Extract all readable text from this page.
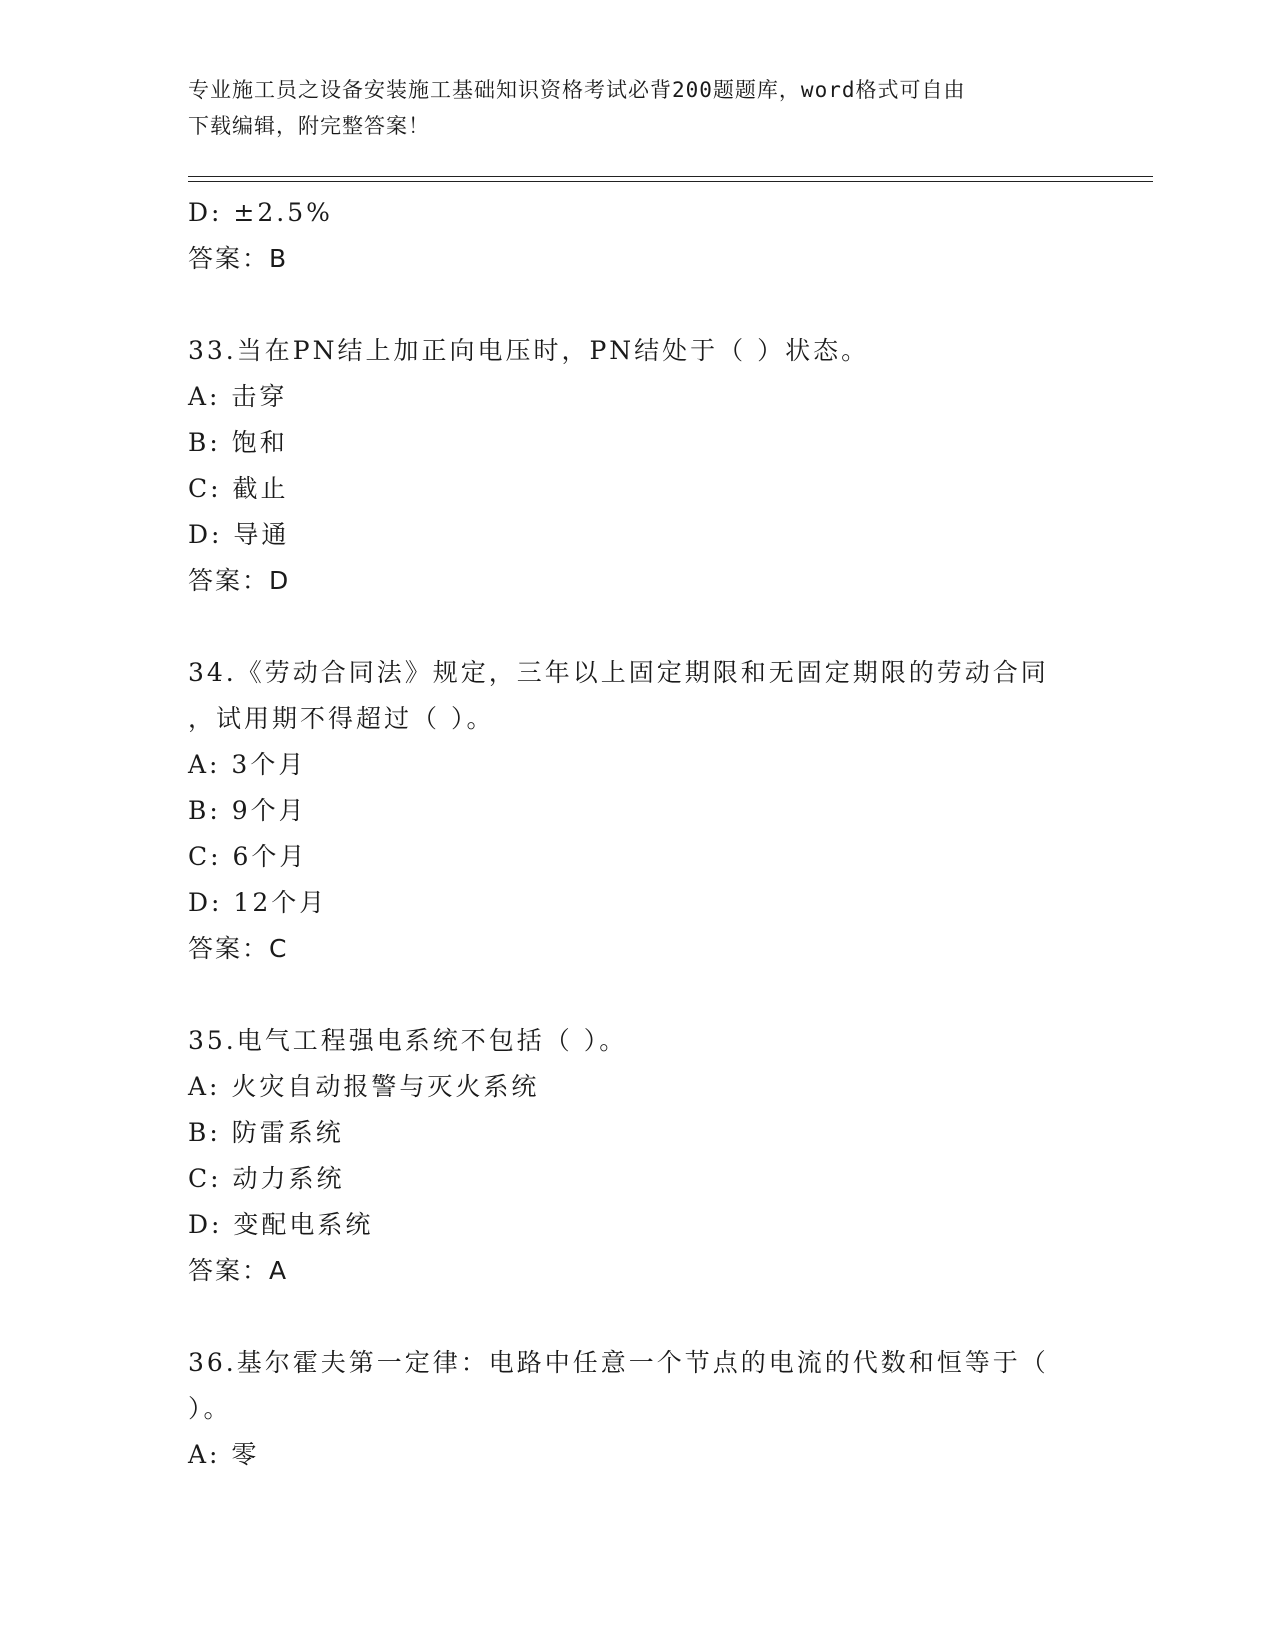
专业施工员之设备安装施工基础知识资格考试必背200题题库，word格式可自由
下载编辑，附完整答案！
D: ±2.5%
答案：B
33.当在PN结上加正向电压时，PN结处于（ ）状态。
A: 击穿
B: 饱和
C: 截止
D: 导通
答案：D
34.《劳动合同法》规定，三年以上固定期限和无固定期限的劳动合同
，试用期不得超过（ ）。
A: 3个月
B: 9个月
C: 6个月
D: 12个月
答案：C
35.电气工程强电系统不包括（ ）。
A: 火灾自动报警与灭火系统
B: 防雷系统
C: 动力系统
D: 变配电系统
答案：A
36.基尔霍夫第一定律：电路中任意一个节点的电流的代数和恒等于（
）。
A: 零
